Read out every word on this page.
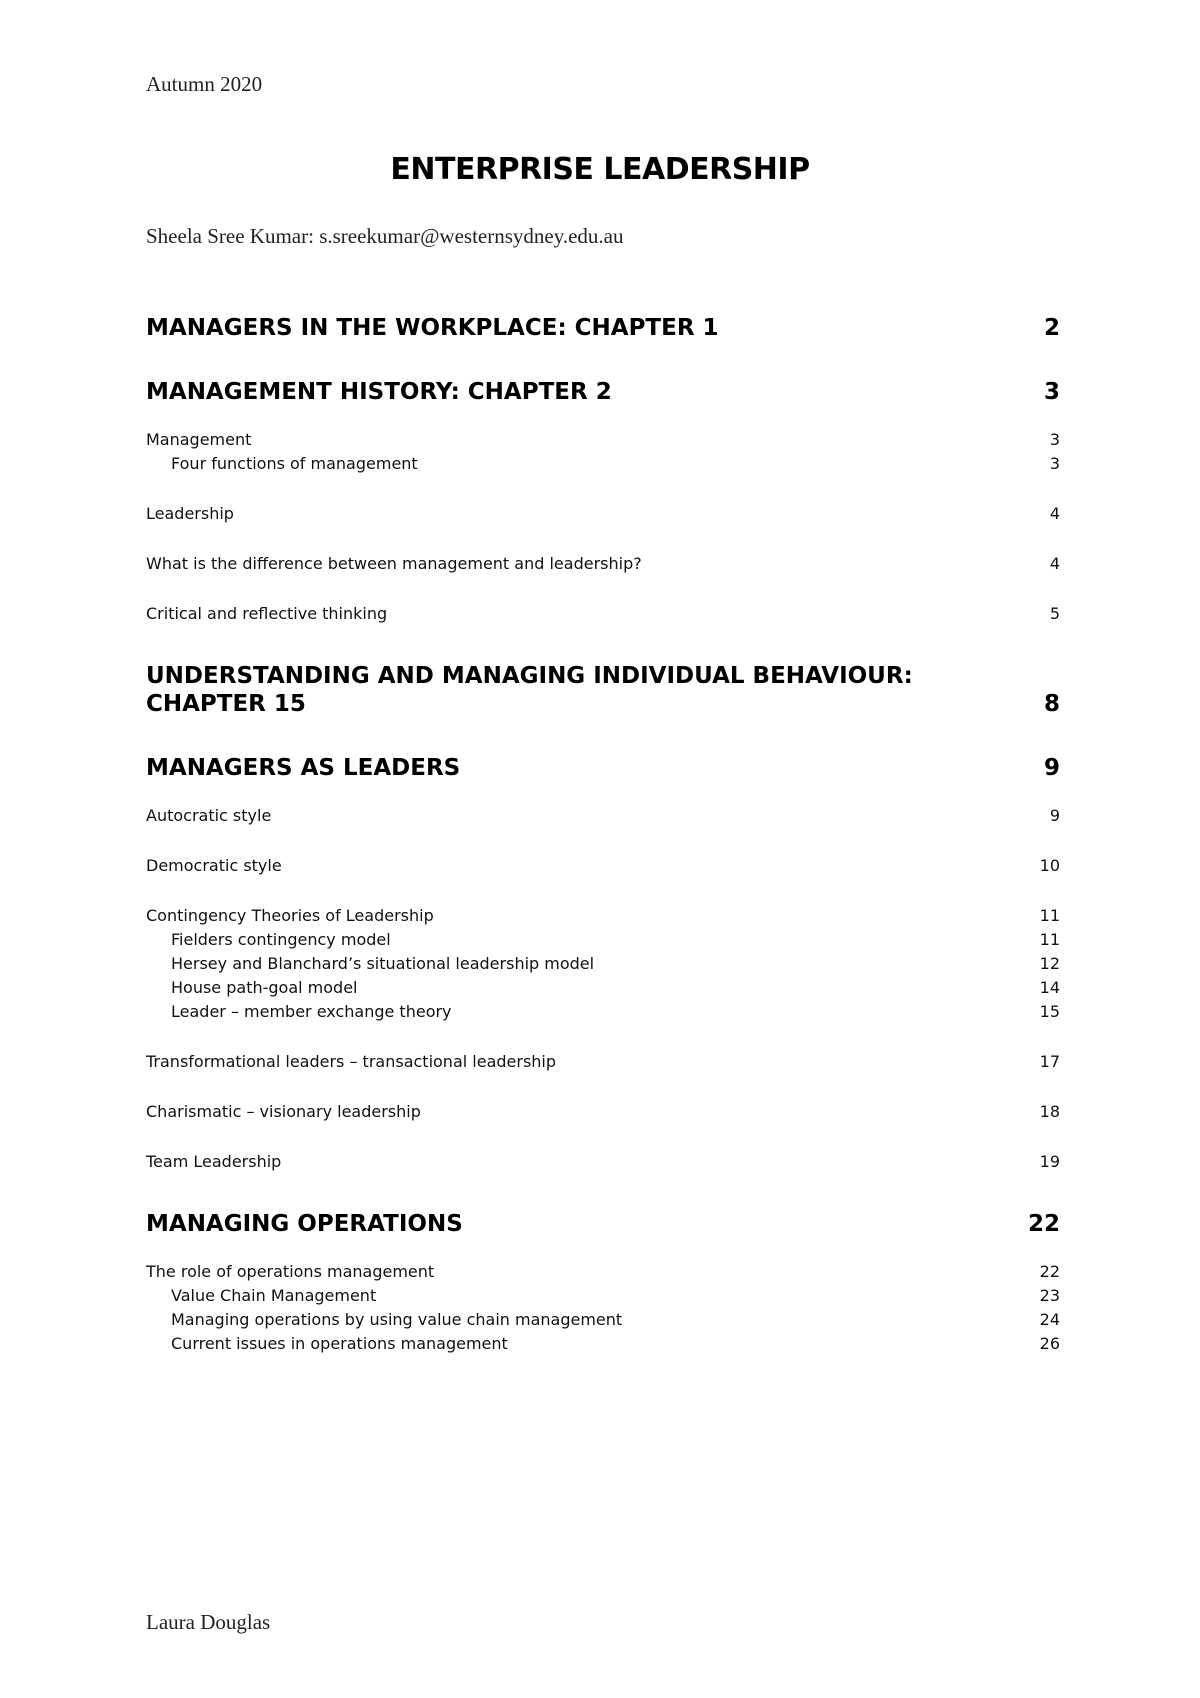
Autumn 2020
ENTERPRISE LEADERSHIP
Sheela Sree Kumar: s.sreekumar@westernsydney.edu.au
MANAGERS IN THE WORKPLACE: CHAPTER 1	2
MANAGEMENT HISTORY: CHAPTER 2	3
Management	3
Four functions of management	3
Leadership	4
What is the difference between management and leadership?	4
Critical and reflective thinking	5
UNDERSTANDING AND MANAGING INDIVIDUAL BEHAVIOUR: CHAPTER 15	8
MANAGERS AS LEADERS	9
Autocratic style	9
Democratic style	10
Contingency Theories of Leadership	11
Fielders contingency model	11
Hersey and Blanchard’s situational leadership model	12
House path-goal model	14
Leader – member exchange theory	15
Transformational leaders – transactional leadership	17
Charismatic – visionary leadership	18
Team Leadership	19
MANAGING OPERATIONS	22
The role of operations management	22
Value Chain Management	23
Managing operations by using value chain management	24
Current issues in operations management	26
Laura Douglas
